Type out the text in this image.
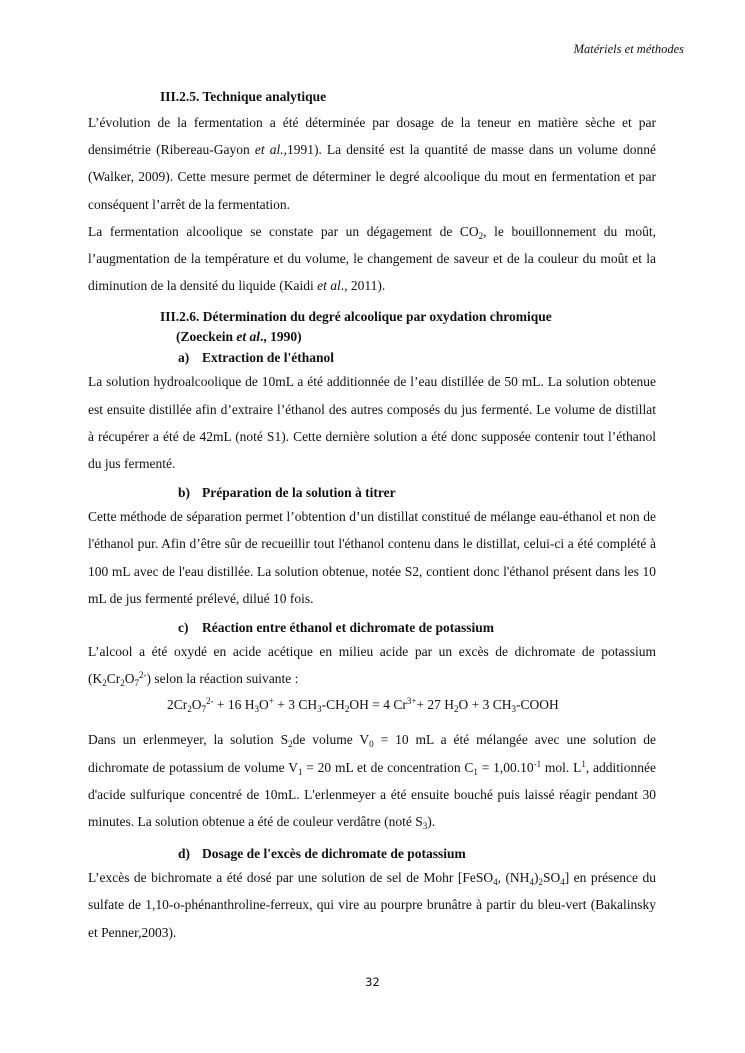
Matériels et méthodes
III.2.5. Technique analytique

L’évolution de la fermentation a été déterminée par dosage de la teneur en matière sèche et par densimétrie (Ribereau-Gayon et al.,1991). La densité est la quantité de masse dans un volume donné (Walker, 2009). Cette mesure permet de déterminer le degré alcoolique du mout en fermentation et par conséquent l’arrêt de la fermentation.

La fermentation alcoolique se constate par un dégagement de $CO_2$, le bouillonnement du moût, l’augmentation de la température et du volume, le changement de saveur et de la couleur du moût et la diminution de la densité du liquide (Kaidi et al., 2011).

III.2.6. Détermination du degré alcoolique par oxydation chromique
(Zoeckein et al., 1990)
a) Extraction de l'éthanol

La solution hydroalcoolique de 10mL a été additionnée de l’eau distillée de 50 mL. La solution obtenue est ensuite distillée afin d’extraire l’éthanol des autres composés du jus fermenté. Le volume de distillat à récupérer a été de 42mL (noté S1). Cette dernière solution a été donc supposée contenir tout l’éthanol du jus fermenté.

b) Préparation de la solution à titrer

Cette méthode de séparation permet l’obtention d’un distillat constitué de mélange eau-éthanol et non de l'éthanol pur. Afin d’être sûr de recueillir tout l'éthanol contenu dans le distillat, celui-ci a été complété à 100 mL avec de l'eau distillée. La solution obtenue, notée S2, contient donc l'éthanol présent dans les 10 mL de jus fermenté prélevé, dilué 10 fois.

c) Réaction entre éthanol et dichromate de potassium

L’alcool a été oxydé en acide acétique en milieu acide par un excès de dichromate de potassium $(K_2Cr_2O_7^{2-})$ selon la réaction suivante :

$2Cr_2O_7^{2-} + 16$ $H_3O^+ + 3$ $CH_3-CH_2OH = 4$ $Cr^{3+}+ 27$ $H_2O + 3$ $CH_3$-COOH

Dans un erlenmeyer, la solution $S_2de$ volume $V_0 = 10$ mL a été mélangée avec une solution de dichromate de potassium de volume $V_1 = 20$ mL et de concentration $C_1 = 1,00.10^{-1}$ mol. $L^1$, additionnée d'acide sulfurique concentré de 10mL. L'erlenmeyer a été ensuite bouché puis laissé réagir pendant 30 minutes. La solution obtenue a été de couleur verdâtre (noté $S_3$).

d) Dosage de l'excès de dichromate de potassium

L’excès de bichromate a été dosé par une solution de sel de Mohr [FeSO$_4$, $(NH_4)_2SO_4$] en présence du sulfate de 1,10-o-phénanthroline-ferreux, qui vire au pourpre brunâtre à partir du bleu-vert (Bakalinsky et Penner,2003).

32
